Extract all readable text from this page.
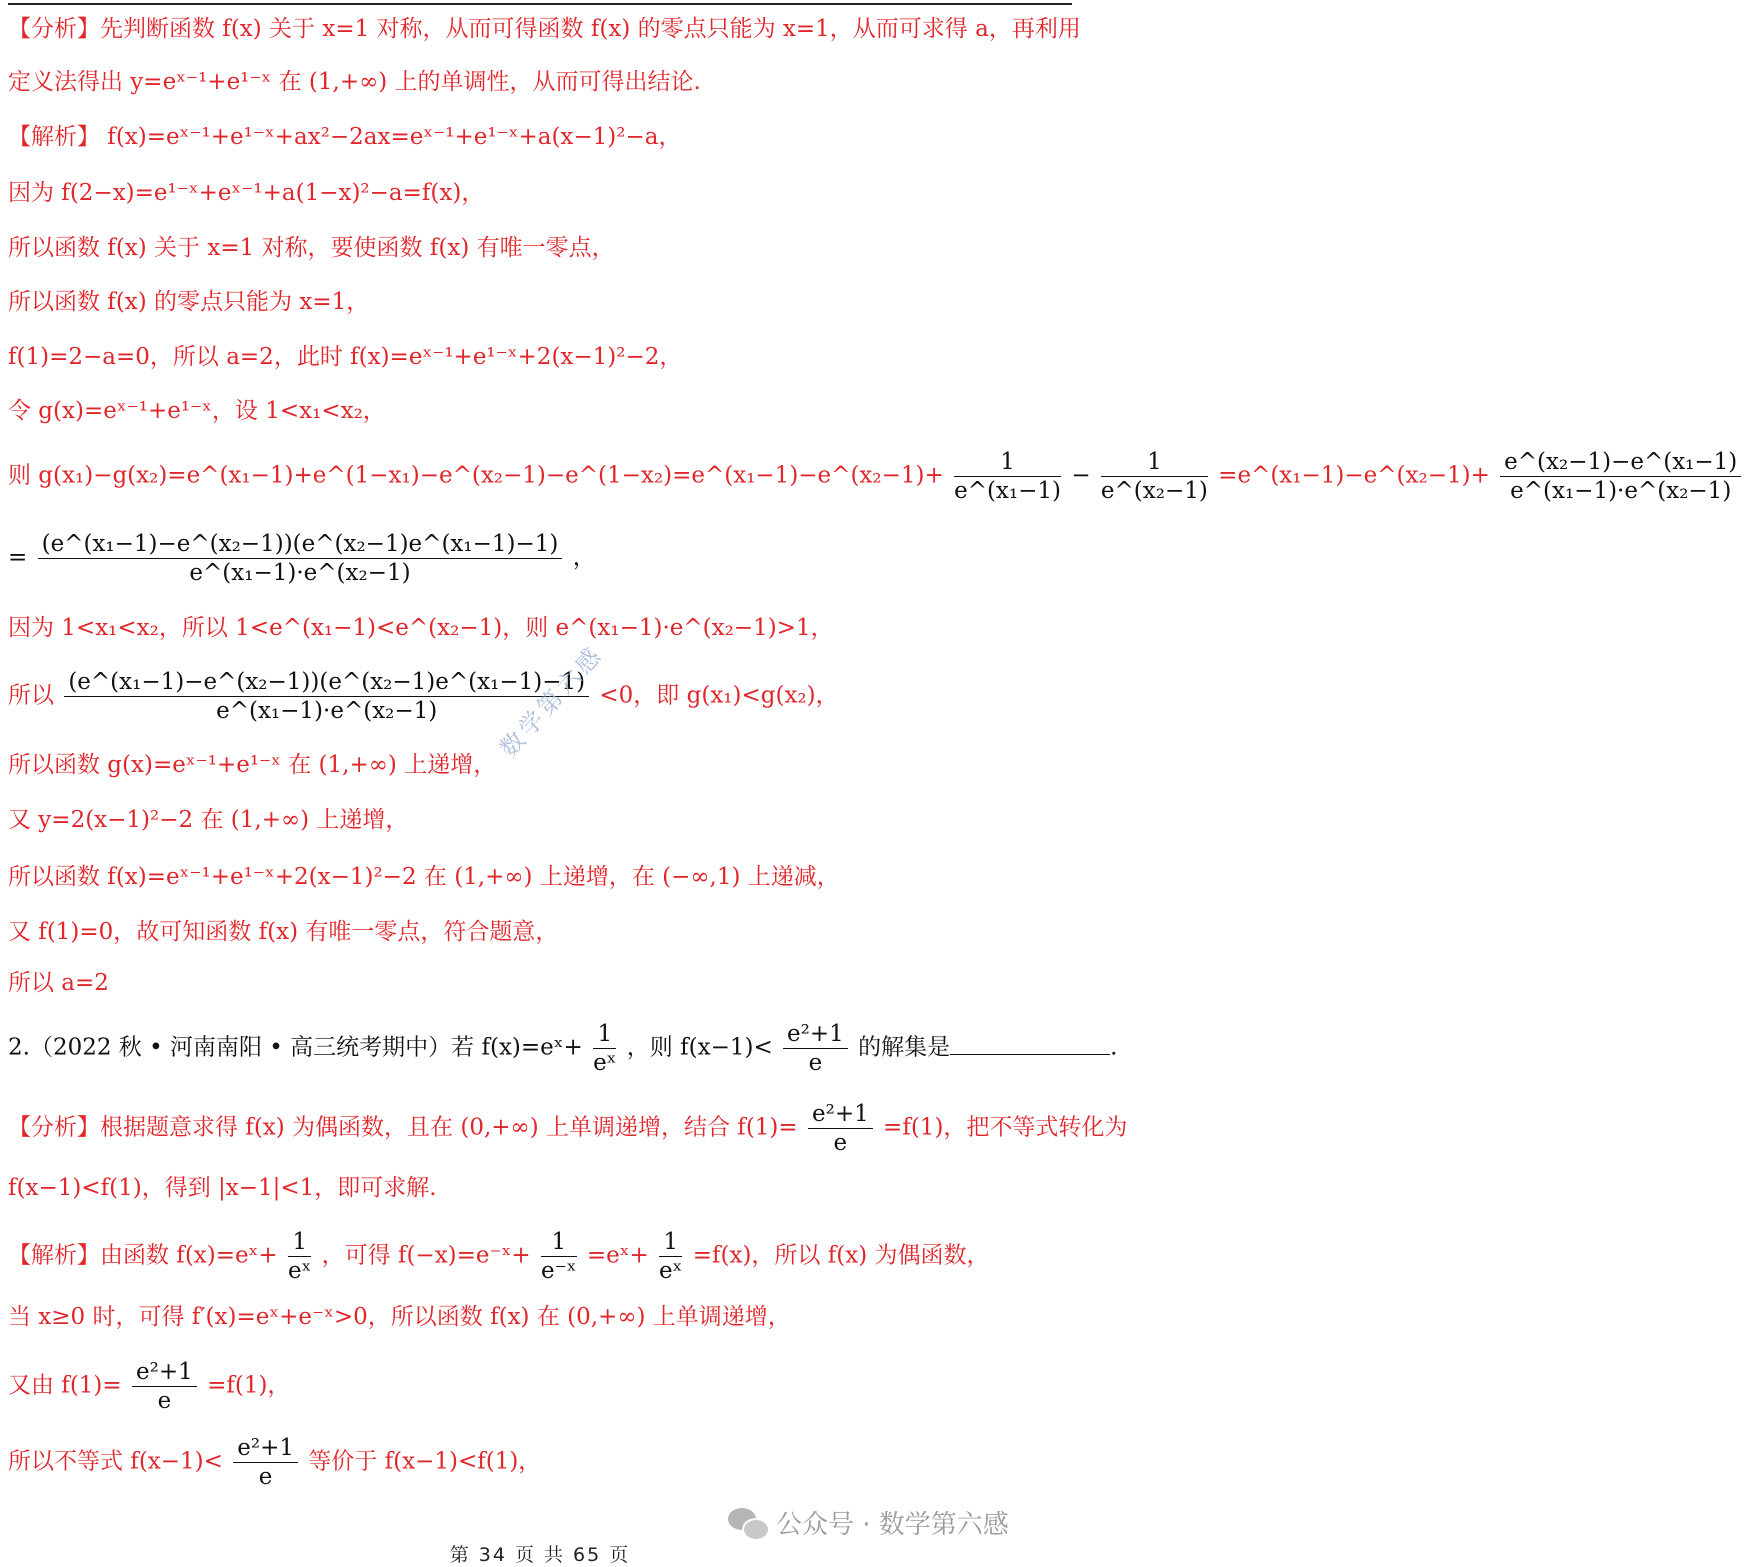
【分析】先判断函数 f(x) 关于 x=1 对称，从而可得函数 f(x) 的零点只能为 x=1，从而可求得 a，再利用
定义法得出 y=eˣ⁻¹+e¹⁻ˣ 在 (1,+∞) 上的单调性，从而可得出结论.
【解析】 f(x)=eˣ⁻¹+e¹⁻ˣ+ax²−2ax=eˣ⁻¹+e¹⁻ˣ+a(x−1)²−a，
因为 f(2−x)=e¹⁻ˣ+eˣ⁻¹+a(1−x)²−a=f(x)，
所以函数 f(x) 关于 x=1 对称，要使函数 f(x) 有唯一零点，
所以函数 f(x) 的零点只能为 x=1，
f(1)=2−a=0，所以 a=2，此时 f(x)=eˣ⁻¹+e¹⁻ˣ+2(x−1)²−2，
令 g(x)=eˣ⁻¹+e¹⁻ˣ，设 1<x₁<x₂，
则 g(x₁)−g(x₂)=e^(x₁−1)+e^(1−x₁)−e^(x₂−1)−e^(1−x₂)=e^(x₁−1)−e^(x₂−1)+ $\frac{1}{\text{e\textasciicircum{}(x₁−1)}} - \frac{1}{\text{e\textasciicircum{}(x₂−1)}}$ =e^(x₁−1)−e^(x₂−1)+ $\frac{\text{e\textasciicircum{}(x₂−1)−e\textasciicircum{}(x₁−1)}}{\text{e\textasciicircum{}(x₁−1)·e\textasciicircum{}(x₂−1)}}$
= $\frac{\text{(e\textasciicircum{}(x₁−1)−e\textasciicircum{}(x₂−1))(e\textasciicircum{}(x₂−1)e\textasciicircum{}(x₁−1)−1)}}{\text{e\textasciicircum{}(x₁−1)·e\textasciicircum{}(x₂−1)}}$ ，
因为 1<x₁<x₂，所以 1<e^(x₁−1)<e^(x₂−1)，则 e^(x₁−1)·e^(x₂−1)>1，
所以 $\frac{\text{(e\textasciicircum{}(x₁−1)−e\textasciicircum{}(x₂−1))(e\textasciicircum{}(x₂−1)e\textasciicircum{}(x₁−1)−1)}}{\text{e\textasciicircum{}(x₁−1)·e\textasciicircum{}(x₂−1)}} <0$，即 g(x₁)<g(x₂)，
所以函数 g(x)=eˣ⁻¹+e¹⁻ˣ 在 (1,+∞) 上递增，
又 y=2(x−1)²−2 在 (1,+∞) 上递增，
所以函数 f(x)=eˣ⁻¹+e¹⁻ˣ+2(x−1)²−2 在 (1,+∞) 上递增，在 (−∞,1) 上递减，
又 f(1)=0，故可知函数 f(x) 有唯一零点，符合题意，
所以 a=2
2.（2022 秋 • 河南南阳 • 高三统考期中）若 f(x)=eˣ+ $\frac{1}{\text{eˣ}}$ ，则 $f(x-1)< \frac{\text{e²+1}}{e}$ 的解集是	.
【分析】根据题意求得 f(x) 为偶函数，且在 (0,+∞) 上单调递增，结合 $f(1)= \frac{\text{e²+1}}{e} =f(1)$，把不等式转化为
f(x−1)<f(1)，得到 |x−1|<1，即可求解.
【解析】由函数 f(x)=eˣ+ $\frac{1}{\text{eˣ}}$ ，可得 f(−x)=e⁻ˣ+ $\frac{1}{\text{e⁻ˣ}}$ =eˣ+ $\frac{1}{\text{eˣ}} =f(x)$，所以 f(x) 为偶函数，
当 x≥0 时，可得 f′(x)=eˣ+e⁻ˣ>0，所以函数 f(x) 在 (0,+∞) 上单调递增，
又由 $f(1)= \frac{\text{e²+1}}{e} =f(1)$，
所以不等式 $f(x-1)< \frac{\text{e²+1}}{e}$ 等价于 f(x−1)<f(1)，
数学第六感
公众号 · 数学第六感
第 34 页 共 65 页
